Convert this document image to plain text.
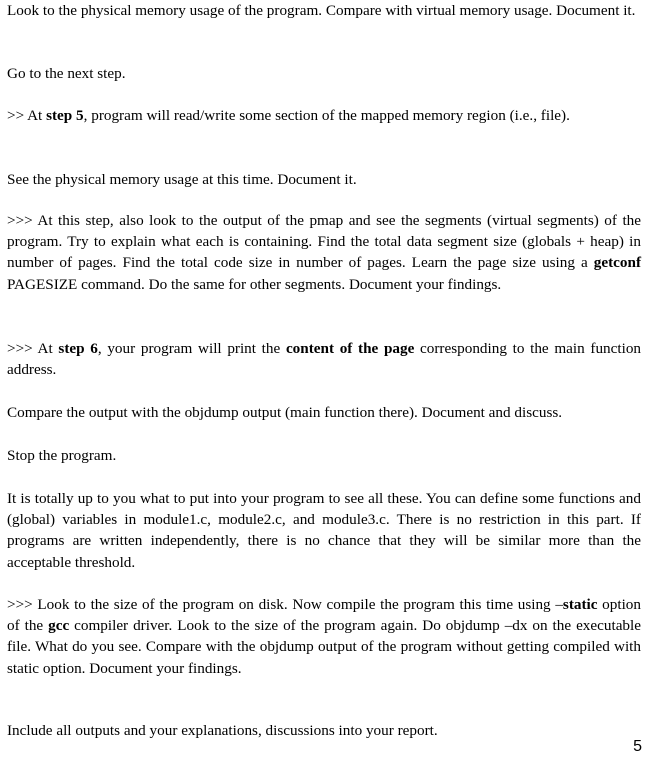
Look to the physical memory usage of the program. Compare with virtual memory usage. Document it.

Go to the next step.

>> At step 5, program will read/write some section of the mapped memory region (i.e., file).

See the physical memory usage at this time. Document it.

>>> At this step, also look to the output of the pmap and see the segments (virtual segments) of the program. Try to explain what each is containing. Find the total data segment size (globals + heap) in number of pages. Find the total code size in number of pages. Learn the page size using a getconf PAGESIZE command. Do the same for other segments. Document your findings.

>>> At step 6, your program will print the content of the page corresponding to the main function address.

Compare the output with the objdump output (main function there). Document and discuss.

Stop the program.

It is totally up to you what to put into your program to see all these. You can define some functions and (global) variables in module1.c, module2.c, and module3.c. There is no restriction in this part. If programs are written independently, there is no chance that they will be similar more than the acceptable threshold.

>>> Look to the size of the program on disk. Now compile the program this time using –static option of the gcc compiler driver. Look to the size of the program again. Do objdump –dx on the executable file. What do you see. Compare with the objdump output of the program without getting compiled with static option. Document your findings.

Include all outputs and your explanations, discussions into your report.

5
